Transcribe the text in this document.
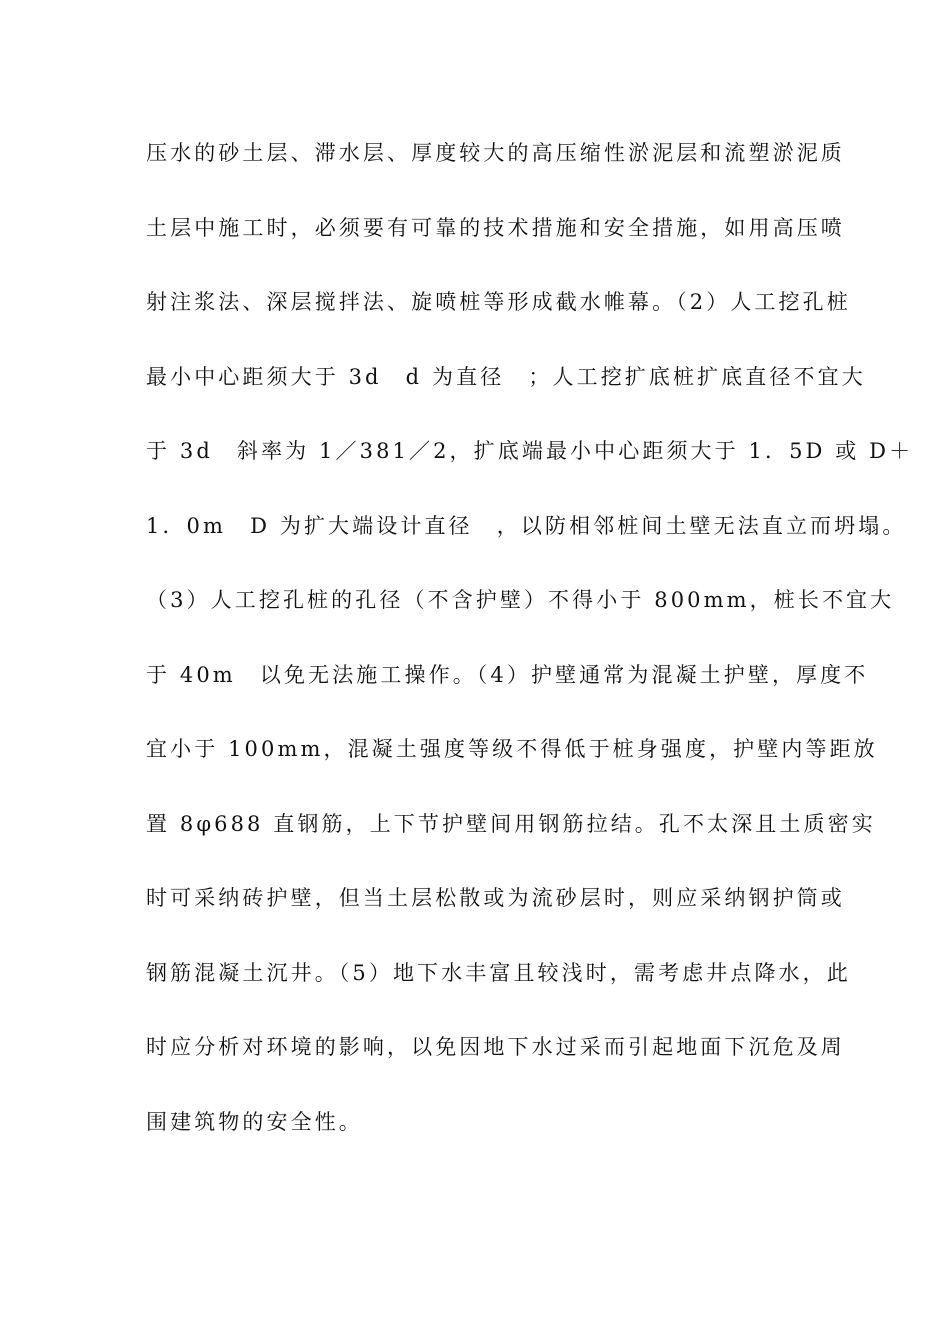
压水的砂土层、滞水层、厚度较大的高压缩性淤泥层和流塑淤泥质
土层中施工时，必须要有可靠的技术措施和安全措施，如用高压喷
射注浆法、深层搅拌法、旋喷桩等形成截水帷幕。（2）人工挖孔桩
最小中心距须大于 3d　d 为直径　；人工挖扩底桩扩底直径不宜大
于 3d　斜率为 1／381／2，扩底端最小中心距须大于 1．5D 或 D＋
1．0m　D 为扩大端设计直径　，以防相邻桩间土壁无法直立而坍塌。
（3）人工挖孔桩的孔径（不含护壁）不得小于 800mm，桩长不宜大
于 40m　以免无法施工操作。（4）护壁通常为混凝土护壁，厚度不
宜小于 100mm，混凝土强度等级不得低于桩身强度，护壁内等距放
置 8φ688 直钢筋，上下节护壁间用钢筋拉结。孔不太深且土质密实
时可采纳砖护壁，但当土层松散或为流砂层时，则应采纳钢护筒或
钢筋混凝土沉井。（5）地下水丰富且较浅时，需考虑井点降水，此
时应分析对环境的影响，以免因地下水过采而引起地面下沉危及周
围建筑物的安全性。
